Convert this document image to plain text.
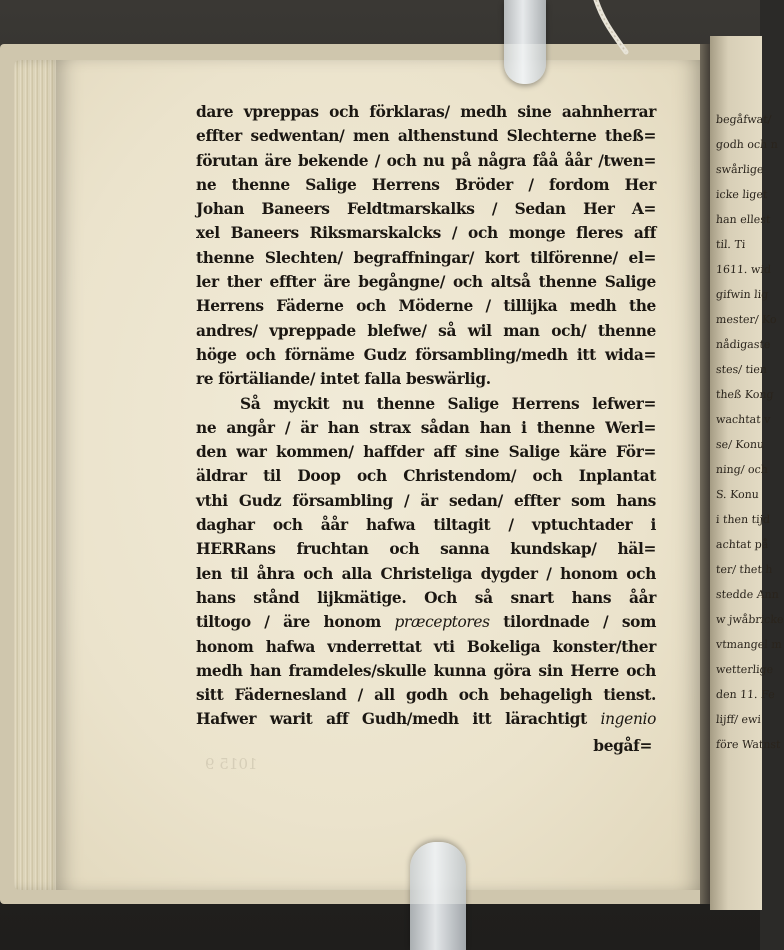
1015 9
dare vpreppas och förklaras/ medh sine aahnherrar
effter sedwentan/ men althenstund Slechterne theß=
förutan äre bekende / och nu på några fåå åår /twen=
ne thenne Salige Herrens Bröder / fordom Her
Johan Baneers Feldtmarskalks / Sedan Her A=
xel Baneers Riksmarskalcks / och monge fleres aff
thenne Slechten/ begraffningar/ kort tilförenne/ el=
ler ther effter äre begångne/ och altså thenne Salige
Herrens Fäderne och Möderne / tillijka medh the
andres/ vpreppade blefwe/ så wil man och/ thenne
höge och förnäme Gudz försambling/medh itt wida=
re förtäliande/ intet falla beswärlig.
Så myckit nu thenne Salige Herrens lefwer=
ne angår / är han strax sådan han i thenne Werl=
den war kommen/ haffder aff sine Salige käre För=
äldrar til Doop och Christendom/ och Inplantat
vthi Gudz försambling / är sedan/ effter som hans
daghar och åår hafwa tiltagit / vptuchtader i
HERRans fruchtan och sanna kundskap/ häl=
len til åhra och alla Christeliga dygder / honom och
hans stånd lijkmätige. Och så snart hans åår
tiltogo / äre honom præceptores tilordnade / som
honom hafwa vnderrettat vti Bokeliga konster/ther
medh han framdeles/skulle kunna göra sin Herre och
sitt Fädernesland / all godh och behageligh tienst.
Hafwer warit aff Gudh/medh itt lärachtigt ingenio
begåf=
begåfwat/
godh och n
swårlige
icke liget
han ellest
til. Ti
1611. wid
gifwin lig
mester/ Ko
nådigaste
stes/ tien
theß Kong
wachtat v
se/ Konu
ning/ och
S. Konu
i then tijd
achtat på
ter/ thet h
stedde Ann
w jwåbricke
vtmangel m
wetterlige
den 11. Fe
lijff/ ewi
före Watnst
